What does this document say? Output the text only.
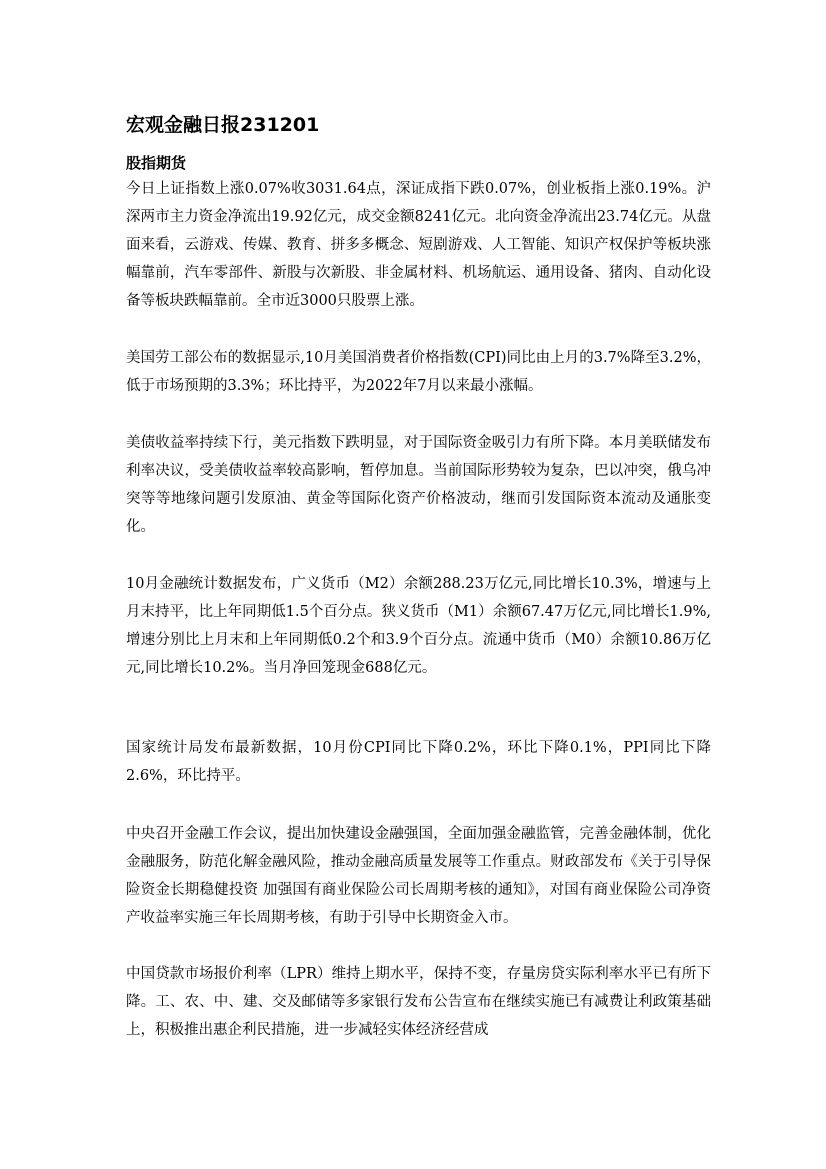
宏观金融日报231201
股指期货

今日上证指数上涨0.07%收3031.64点，深证成指下跌0.07%，创业板指上涨0.19%。沪深两市主力资金净流出19.92亿元，成交金额8241亿元。北向资金净流出23.74亿元。从盘面来看，云游戏、传媒、教育、拼多多概念、短剧游戏、人工智能、知识产权保护等板块涨幅靠前，汽车零部件、新股与次新股、非金属材料、机场航运、通用设备、猪肉、自动化设备等板块跌幅靠前。全市近3000只股票上涨。

美国劳工部公布的数据显示,10月美国消费者价格指数(CPI)同比由上月的3.7%降至3.2%，低于市场预期的3.3%；环比持平，为2022年7月以来最小涨幅。

美债收益率持续下行，美元指数下跌明显，对于国际资金吸引力有所下降。本月美联储发布利率决议，受美债收益率较高影响，暂停加息。当前国际形势较为复杂，巴以冲突，俄乌冲突等等地缘问题引发原油、黄金等国际化资产价格波动，继而引发国际资本流动及通胀变化。

10月金融统计数据发布，广义货币（M2）余额288.23万亿元,同比增长10.3%，增速与上月末持平，比上年同期低1.5个百分点。狭义货币（M1）余额67.47万亿元,同比增长1.9%,增速分别比上月末和上年同期低0.2个和3.9个百分点。流通中货币（M0）余额10.86万亿元,同比增长10.2%。当月净回笼现金688亿元。

国家统计局发布最新数据，10月份CPI同比下降0.2%，环比下降0.1%，PPI同比下降2.6%，环比持平。

中央召开金融工作会议，提出加快建设金融强国，全面加强金融监管，完善金融体制，优化金融服务，防范化解金融风险，推动金融高质量发展等工作重点。财政部发布《关于引导保险资金长期稳健投资 加强国有商业保险公司长周期考核的通知》，对国有商业保险公司净资产收益率实施三年长周期考核，有助于引导中长期资金入市。

中国贷款市场报价利率（LPR）维持上期水平，保持不变，存量房贷实际利率水平已有所下降。工、农、中、建、交及邮储等多家银行发布公告宣布在继续实施已有减费让利政策基础上，积极推出惠企利民措施，进一步减轻实体经济经营成
